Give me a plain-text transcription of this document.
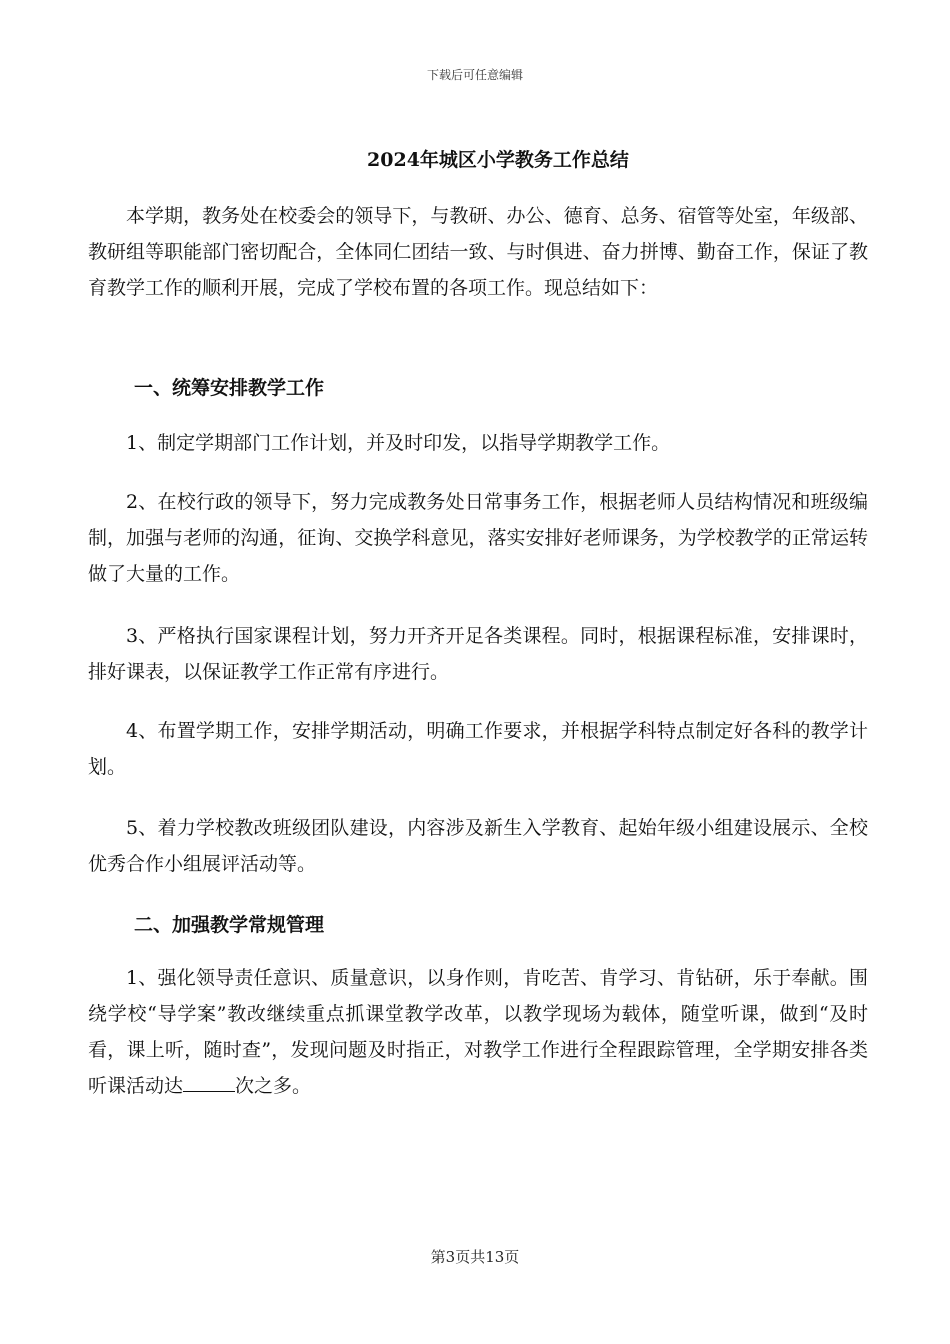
下载后可任意编辑
2024年城区小学教务工作总结

本学期，教务处在校委会的领导下，与教研、办公、德育、总务、宿管等处室，年级部、教研组等职能部门密切配合，全体同仁团结一致、与时俱进、奋力拼博、勤奋工作，保证了教育教学工作的顺利开展，完成了学校布置的各项工作。现总结如下：

一、统筹安排教学工作

1、制定学期部门工作计划，并及时印发，以指导学期教学工作。

2、在校行政的领导下，努力完成教务处日常事务工作，根据老师人员结构情况和班级编制，加强与老师的沟通，征询、交换学科意见，落实安排好老师课务，为学校教学的正常运转做了大量的工作。

3、严格执行国家课程计划，努力开齐开足各类课程。同时，根据课程标准，安排课时，排好课表，以保证教学工作正常有序进行。

4、布置学期工作，安排学期活动，明确工作要求，并根据学科特点制定好各科的教学计划。

5、着力学校教改班级团队建设，内容涉及新生入学教育、起始年级小组建设展示、全校优秀合作小组展评活动等。

二、加强教学常规管理

1、强化领导责任意识、质量意识，以身作则，肯吃苦、肯学习、肯钻研，乐于奉献。围绕学校“导学案”教改继续重点抓课堂教学改革，以教学现场为载体，随堂听课，做到“及时看，课上听，随时查”，发现问题及时指正，对教学工作进行全程跟踪管理，全学期安排各类听课活动达	次之多。

第3页共13页
